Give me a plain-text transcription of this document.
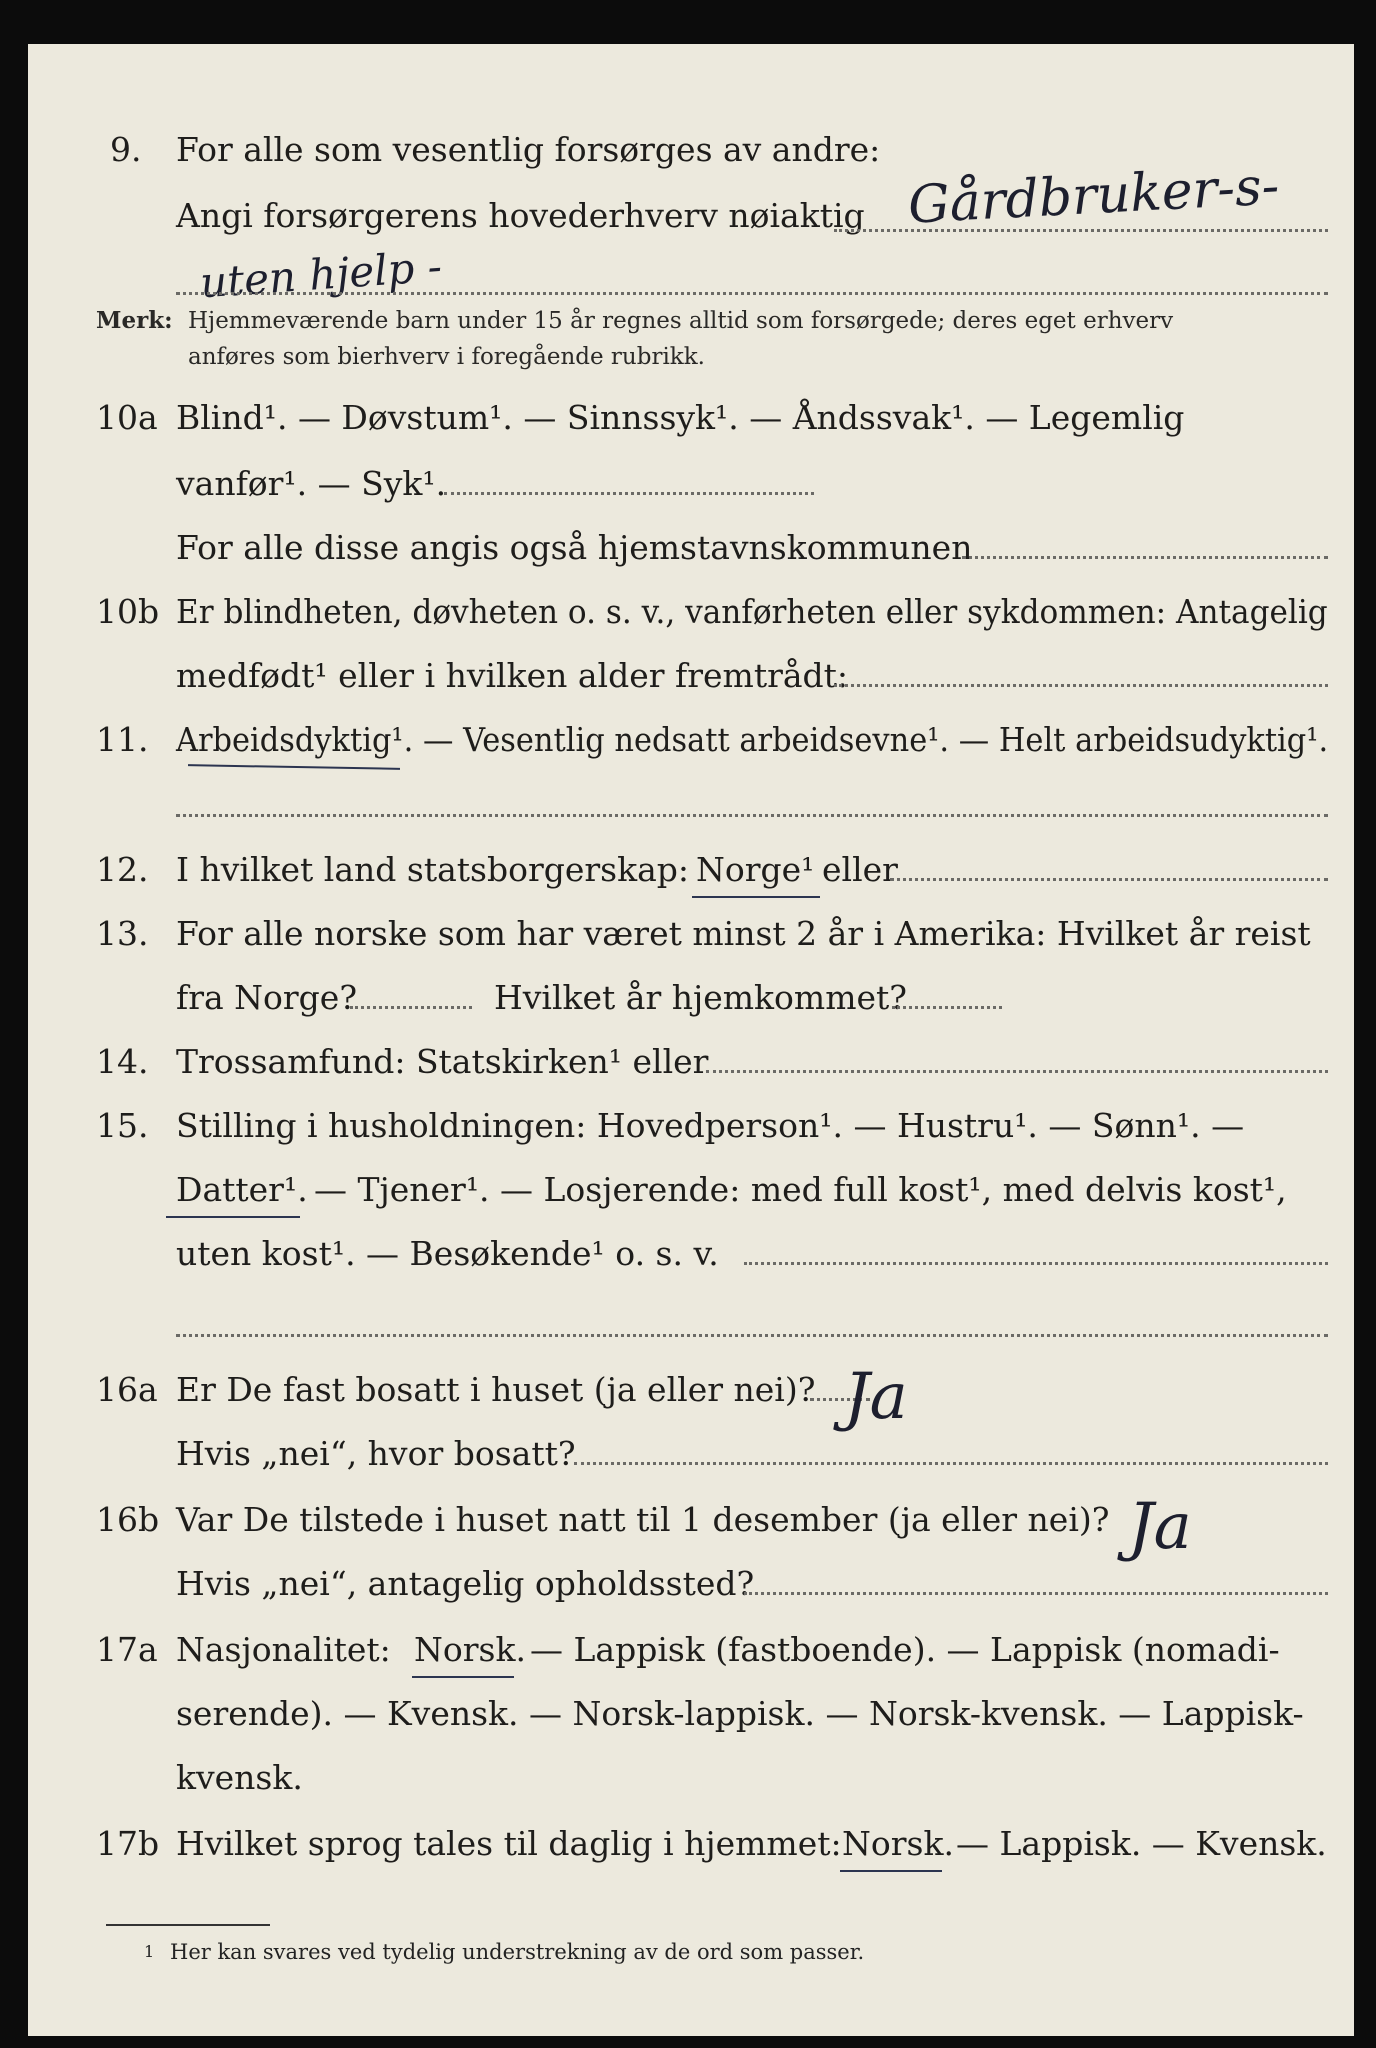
9. For alle som vesentlig forsørges av andre:
Angi forsørgerens hovederhverv nøiaktig Gårdbruker-s-
uten hjelp -
Merk: Hjemmeværende barn under 15 år regnes alltid som forsørgede; deres eget erhverv
anføres som bierhverv i foregående rubrikk.
10a Blind¹. — Døvstum¹. — Sinnssyk¹. — Åndssvak¹. — Legemlig
vanfør¹. — Syk¹.
For alle disse angis også hjemstavnskommunen
10b Er blindheten, døvheten o. s. v., vanførheten eller sykdommen: Antagelig
medfødt¹ eller i hvilken alder fremtrådt:
11. Arbeidsdyktig¹. — Vesentlig nedsatt arbeidsevne¹. — Helt arbeidsudyktig¹.
12. I hvilket land statsborgerskap: Norge¹ eller
13. For alle norske som har været minst 2 år i Amerika: Hvilket år reist
fra Norge?	Hvilket år hjemkommet?
14. Trossamfund: Statskirken¹ eller
15. Stilling i husholdningen: Hovedperson¹. — Hustru¹. — Sønn¹. —
Datter¹. — Tjener¹. — Losjerende: med full kost¹, med delvis kost¹,
uten kost¹. — Besøkende¹ o. s. v.
16a Er De fast bosatt i huset (ja eller nei)? Ja
Hvis „nei“, hvor bosatt?
16b Var De tilstede i huset natt til 1 desember (ja eller nei)? Ja
Hvis „nei“, antagelig opholdssted?
17a Nasjonalitet: Norsk. — Lappisk (fastboende). — Lappisk (nomadi-
serende). — Kvensk. — Norsk-lappisk. — Norsk-kvensk. — Lappisk-
kvensk.
17b Hvilket sprog tales til daglig i hjemmet: Norsk. — Lappisk. — Kvensk.
1 Her kan svares ved tydelig understrekning av de ord som passer.
